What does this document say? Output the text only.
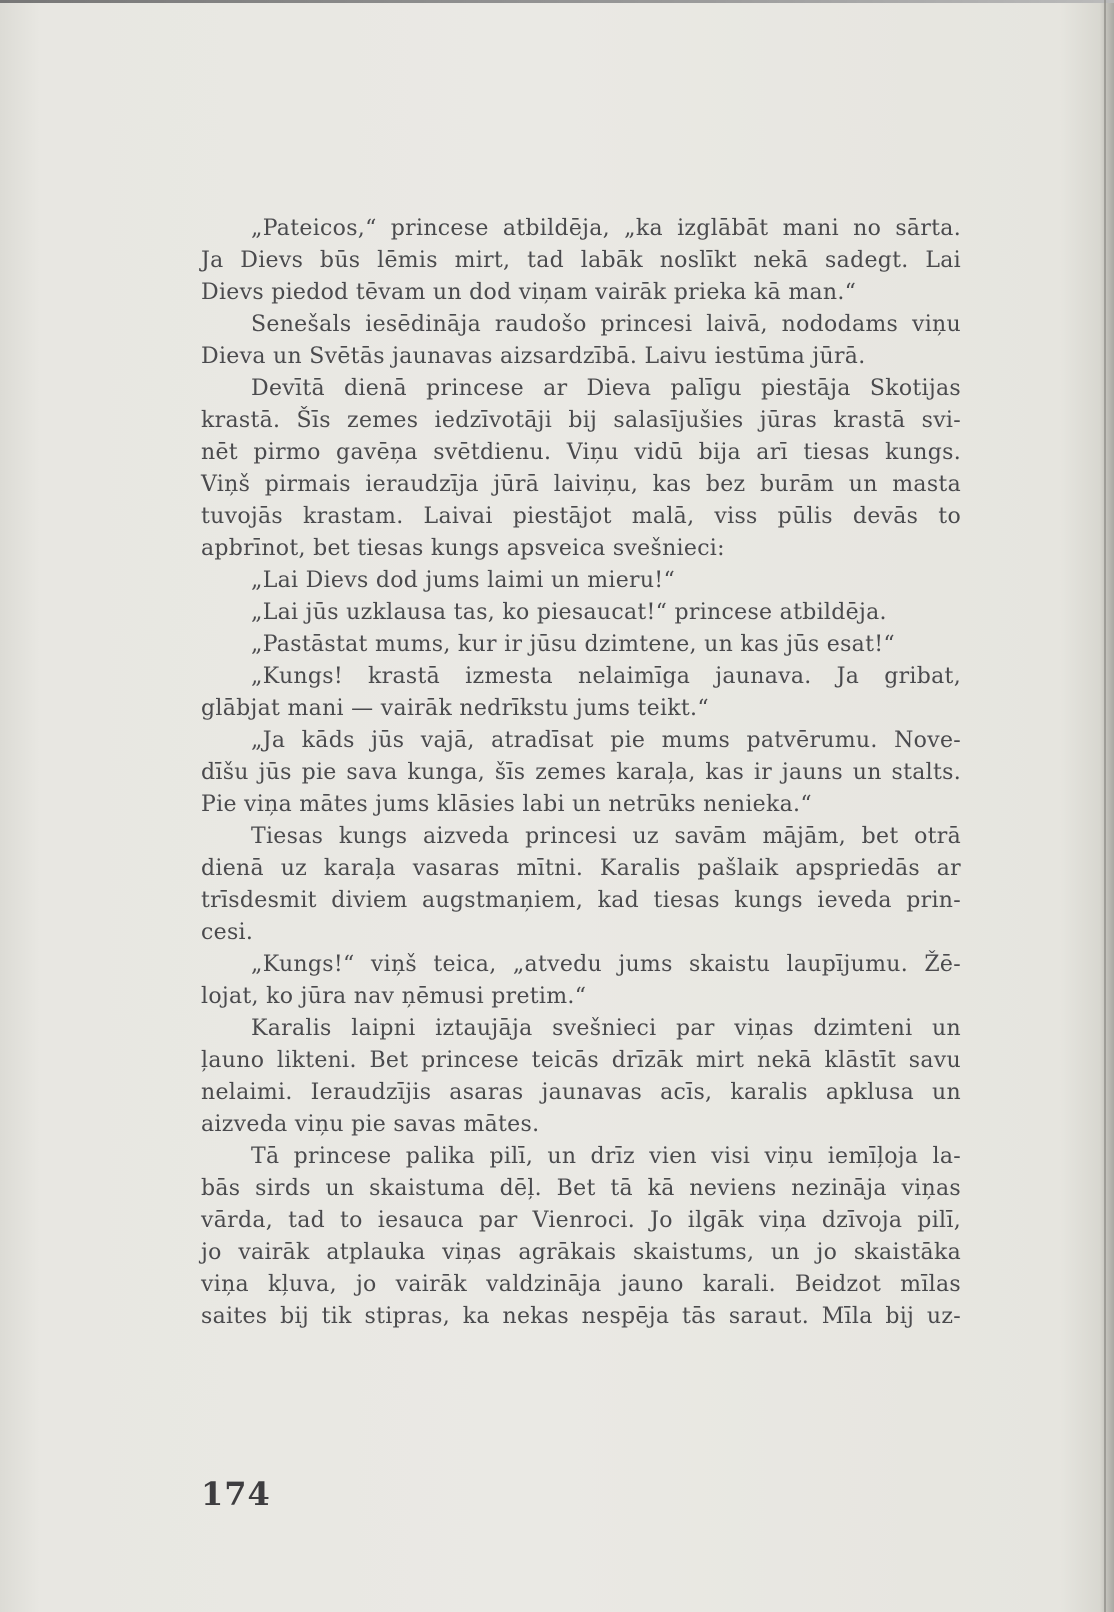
„Pateicos,“ princese atbildēja, „ka izglābāt mani no sārta.
Ja Dievs būs lēmis mirt, tad labāk noslīkt nekā sadegt. Lai
Dievs piedod tēvam un dod viņam vairāk prieka kā man.“
Senešals iesēdināja raudošo princesi laivā, nododams viņu
Dieva un Svētās jaunavas aizsardzībā. Laivu iestūma jūrā.
Devītā dienā princese ar Dieva palīgu piestāja Skotijas
krastā. Šīs zemes iedzīvotāji bij salasījušies jūras krastā svi-
nēt pirmo gavēņa svētdienu. Viņu vidū bija arī tiesas kungs.
Viņš pirmais ieraudzīja jūrā laiviņu, kas bez burām un masta
tuvojās krastam. Laivai piestājot malā, viss pūlis devās to
apbrīnot, bet tiesas kungs apsveica svešnieci:
„Lai Dievs dod jums laimi un mieru!“
„Lai jūs uzklausa tas, ko piesaucat!“ princese atbildēja.
„Pastāstat mums, kur ir jūsu dzimtene, un kas jūs esat!“
„Kungs! krastā izmesta nelaimīga jaunava. Ja gribat,
glābjat mani — vairāk nedrīkstu jums teikt.“
„Ja kāds jūs vajā, atradīsat pie mums patvērumu. Nove-
dīšu jūs pie sava kunga, šīs zemes karaļa, kas ir jauns un stalts.
Pie viņa mātes jums klāsies labi un netrūks nenieka.“
Tiesas kungs aizveda princesi uz savām mājām, bet otrā
dienā uz karaļa vasaras mītni. Karalis pašlaik apspriedās ar
trīsdesmit diviem augstmaņiem, kad tiesas kungs ieveda prin-
cesi.
„Kungs!“ viņš teica, „atvedu jums skaistu laupījumu. Žē-
lojat, ko jūra nav ņēmusi pretim.“
Karalis laipni iztaujāja svešnieci par viņas dzimteni un
ļauno likteni. Bet princese teicās drīzāk mirt nekā klāstīt savu
nelaimi. Ieraudzījis asaras jaunavas acīs, karalis apklusa un
aizveda viņu pie savas mātes.
Tā princese palika pilī, un drīz vien visi viņu iemīļoja la-
bās sirds un skaistuma dēļ. Bet tā kā neviens nezināja viņas
vārda, tad to iesauca par Vienroci. Jo ilgāk viņa dzīvoja pilī,
jo vairāk atplauka viņas agrākais skaistums, un jo skaistāka
viņa kļuva, jo vairāk valdzināja jauno karali. Beidzot mīlas
saites bij tik stipras, ka nekas nespēja tās saraut. Mīla bij uz-
174
